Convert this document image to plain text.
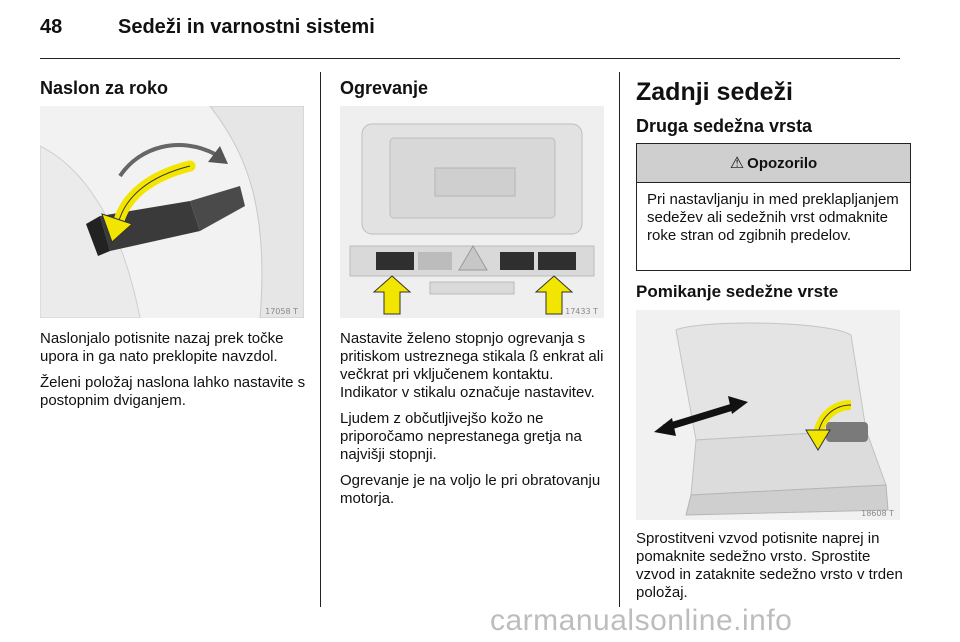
48	Sedeži in varnostni sistemi
Naslon za roko
17058 T

Naslonjalo potisnite nazaj prek točke upora in ga nato preklopite navzdol.

Želeni položaj naslona lahko nastavite s postopnim dviganjem.

Ogrevanje
17433 T

Nastavite želeno stopnjo ogrevanja s pritiskom ustreznega stikala ß enkrat ali večkrat pri vključenem kontaktu. Indikator v stikalu označuje nastavitev.

Ljudem z občutljivejšo kožo ne priporočamo neprestanega gretja na najvišji stopnji.

Ogrevanje je na voljo le pri obratovanju motorja.

Zadnji sedeži
Druga sedežna vrsta
⚠ Opozorilo
Pri nastavljanju in med preklapljanjem sedežev ali sedežnih vrst odmaknite roke stran od zgibnih predelov.
Pomikanje sedežne vrste
18608 T

Sprostitveni vzvod potisnite naprej in pomaknite sedežno vrsto. Sprostite vzvod in zataknite sedežno vrsto v trden položaj.

carmanualsonline.info
